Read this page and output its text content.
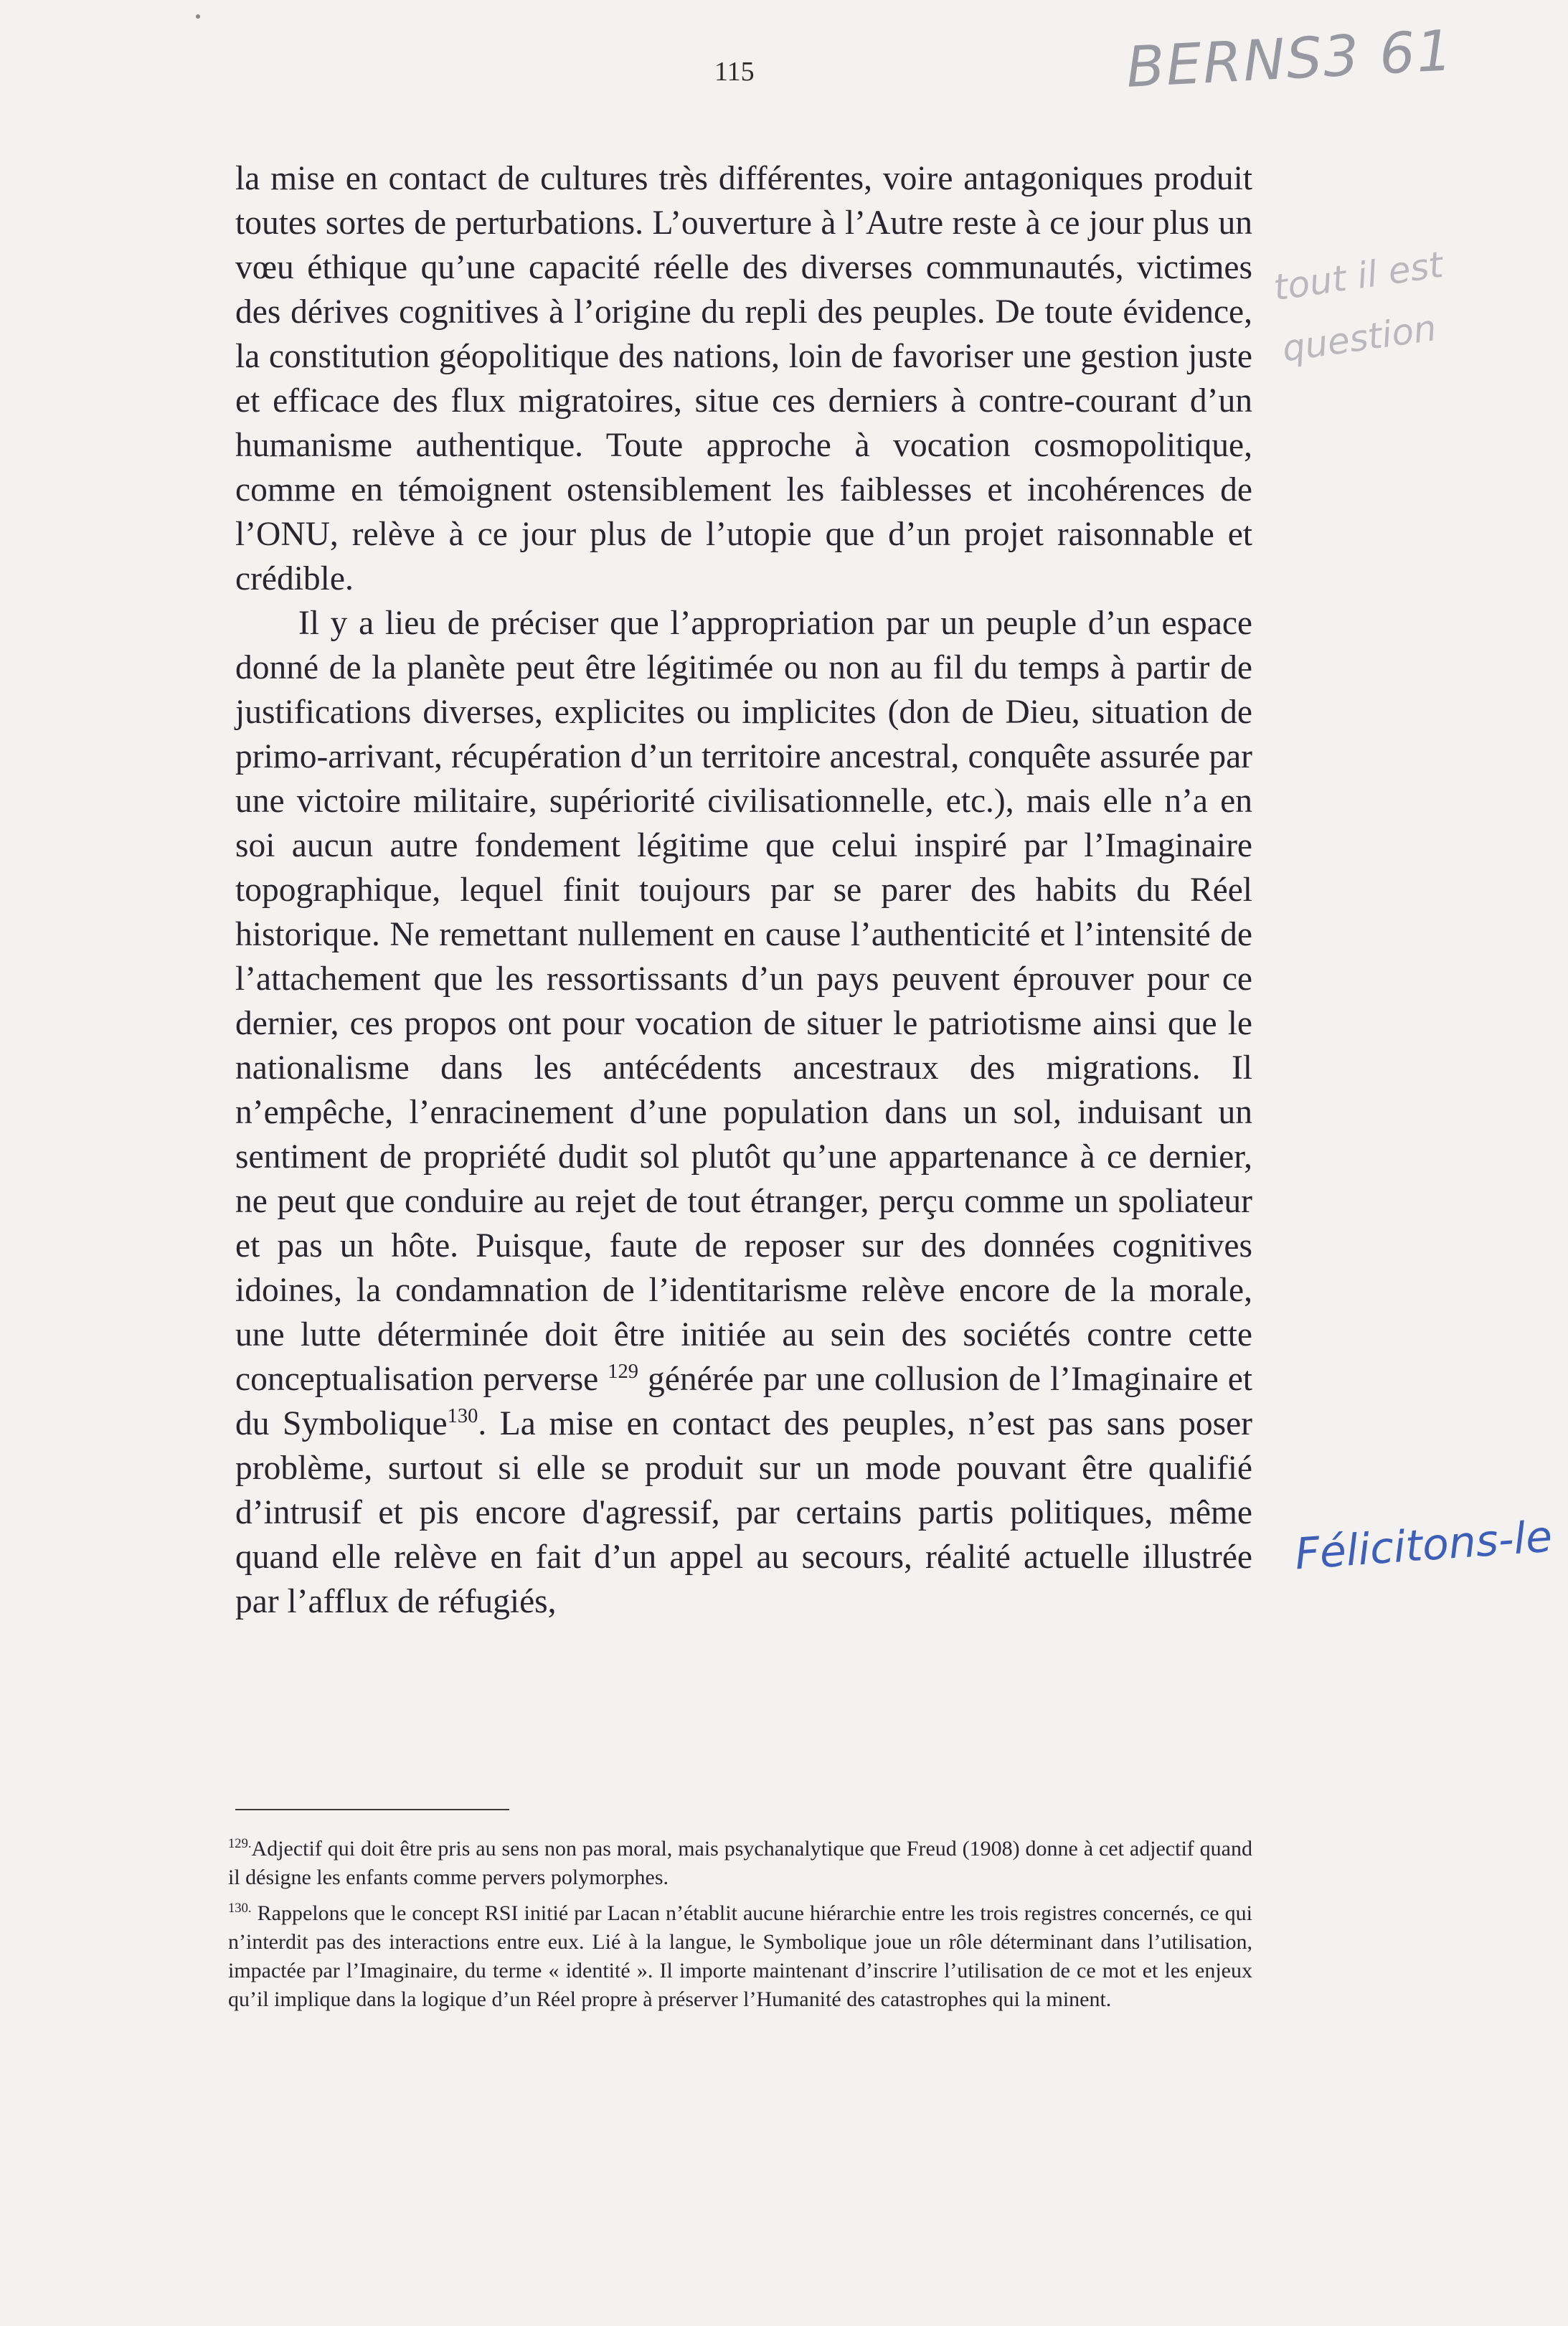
115	BERNS3 61
tout il est question
Félicitons-le

la mise en contact de cultures très différentes, voire antagoniques produit toutes sortes de perturbations. L’ouverture à l’Autre reste à ce jour plus un vœu éthique qu’une capacité réelle des diverses communautés, victimes des dérives cognitives à l’origine du repli des peuples. De toute évidence, la constitution géopolitique des nations, loin de favoriser une gestion juste et efficace des flux migratoires, situe ces derniers à contre-courant d’un humanisme authentique. Toute approche à vocation cosmopolitique, comme en témoignent ostensiblement les faiblesses et incohérences de l’ONU, relève à ce jour plus de l’utopie que d’un projet raisonnable et crédible.

Il y a lieu de préciser que l’appropriation par un peuple d’un espace donné de la planète peut être légitimée ou non au fil du temps à partir de justifications diverses, explicites ou implicites (don de Dieu, situation de primo-arrivant, récupération d’un territoire ancestral, conquête assurée par une victoire militaire, supériorité civilisationnelle, etc.), mais elle n’a en soi aucun autre fondement légitime que celui inspiré par l’Imaginaire topographique, lequel finit toujours par se parer des habits du Réel historique. Ne remettant nullement en cause l’authenticité et l’intensité de l’attachement que les ressortissants d’un pays peuvent éprouver pour ce dernier, ces propos ont pour vocation de situer le patriotisme ainsi que le nationalisme dans les antécédents ancestraux des migrations. Il n’empêche, l’enracinement d’une population dans un sol, induisant un sentiment de propriété dudit sol plutôt qu’une appartenance à ce dernier, ne peut que conduire au rejet de tout étranger, perçu comme un spoliateur et pas un hôte. Puisque, faute de reposer sur des données cognitives idoines, la condamnation de l’identitarisme relève encore de la morale, une lutte déterminée doit être initiée au sein des sociétés contre cette conceptualisation perverse $^{129}$ générée par une collusion de l’Imaginaire et du Symbolique$^{130}$. La mise en contact des peuples, n’est pas sans poser problème, surtout si elle se produit sur un mode pouvant être qualifié d’intrusif et pis encore d'agressif, par certains partis politiques, même quand elle relève en fait d’un appel au secours, réalité actuelle illustrée par l’afflux de réfugiés,

$^{129.}$Adjectif qui doit être pris au sens non pas moral, mais psychanalytique que Freud (1908) donne à cet adjectif quand il désigne les enfants comme pervers polymorphes.

$^{130.}$ Rappelons que le concept RSI initié par Lacan n’établit aucune hiérarchie entre les trois registres concernés, ce qui n’interdit pas des interactions entre eux. Lié à la langue, le Symbolique joue un rôle déterminant dans l’utilisation, impactée par l’Imaginaire, du terme « identité ». Il importe maintenant d’inscrire l’utilisation de ce mot et les enjeux qu’il implique dans la logique d’un Réel propre à préserver l’Humanité des catastrophes qui la minent.
